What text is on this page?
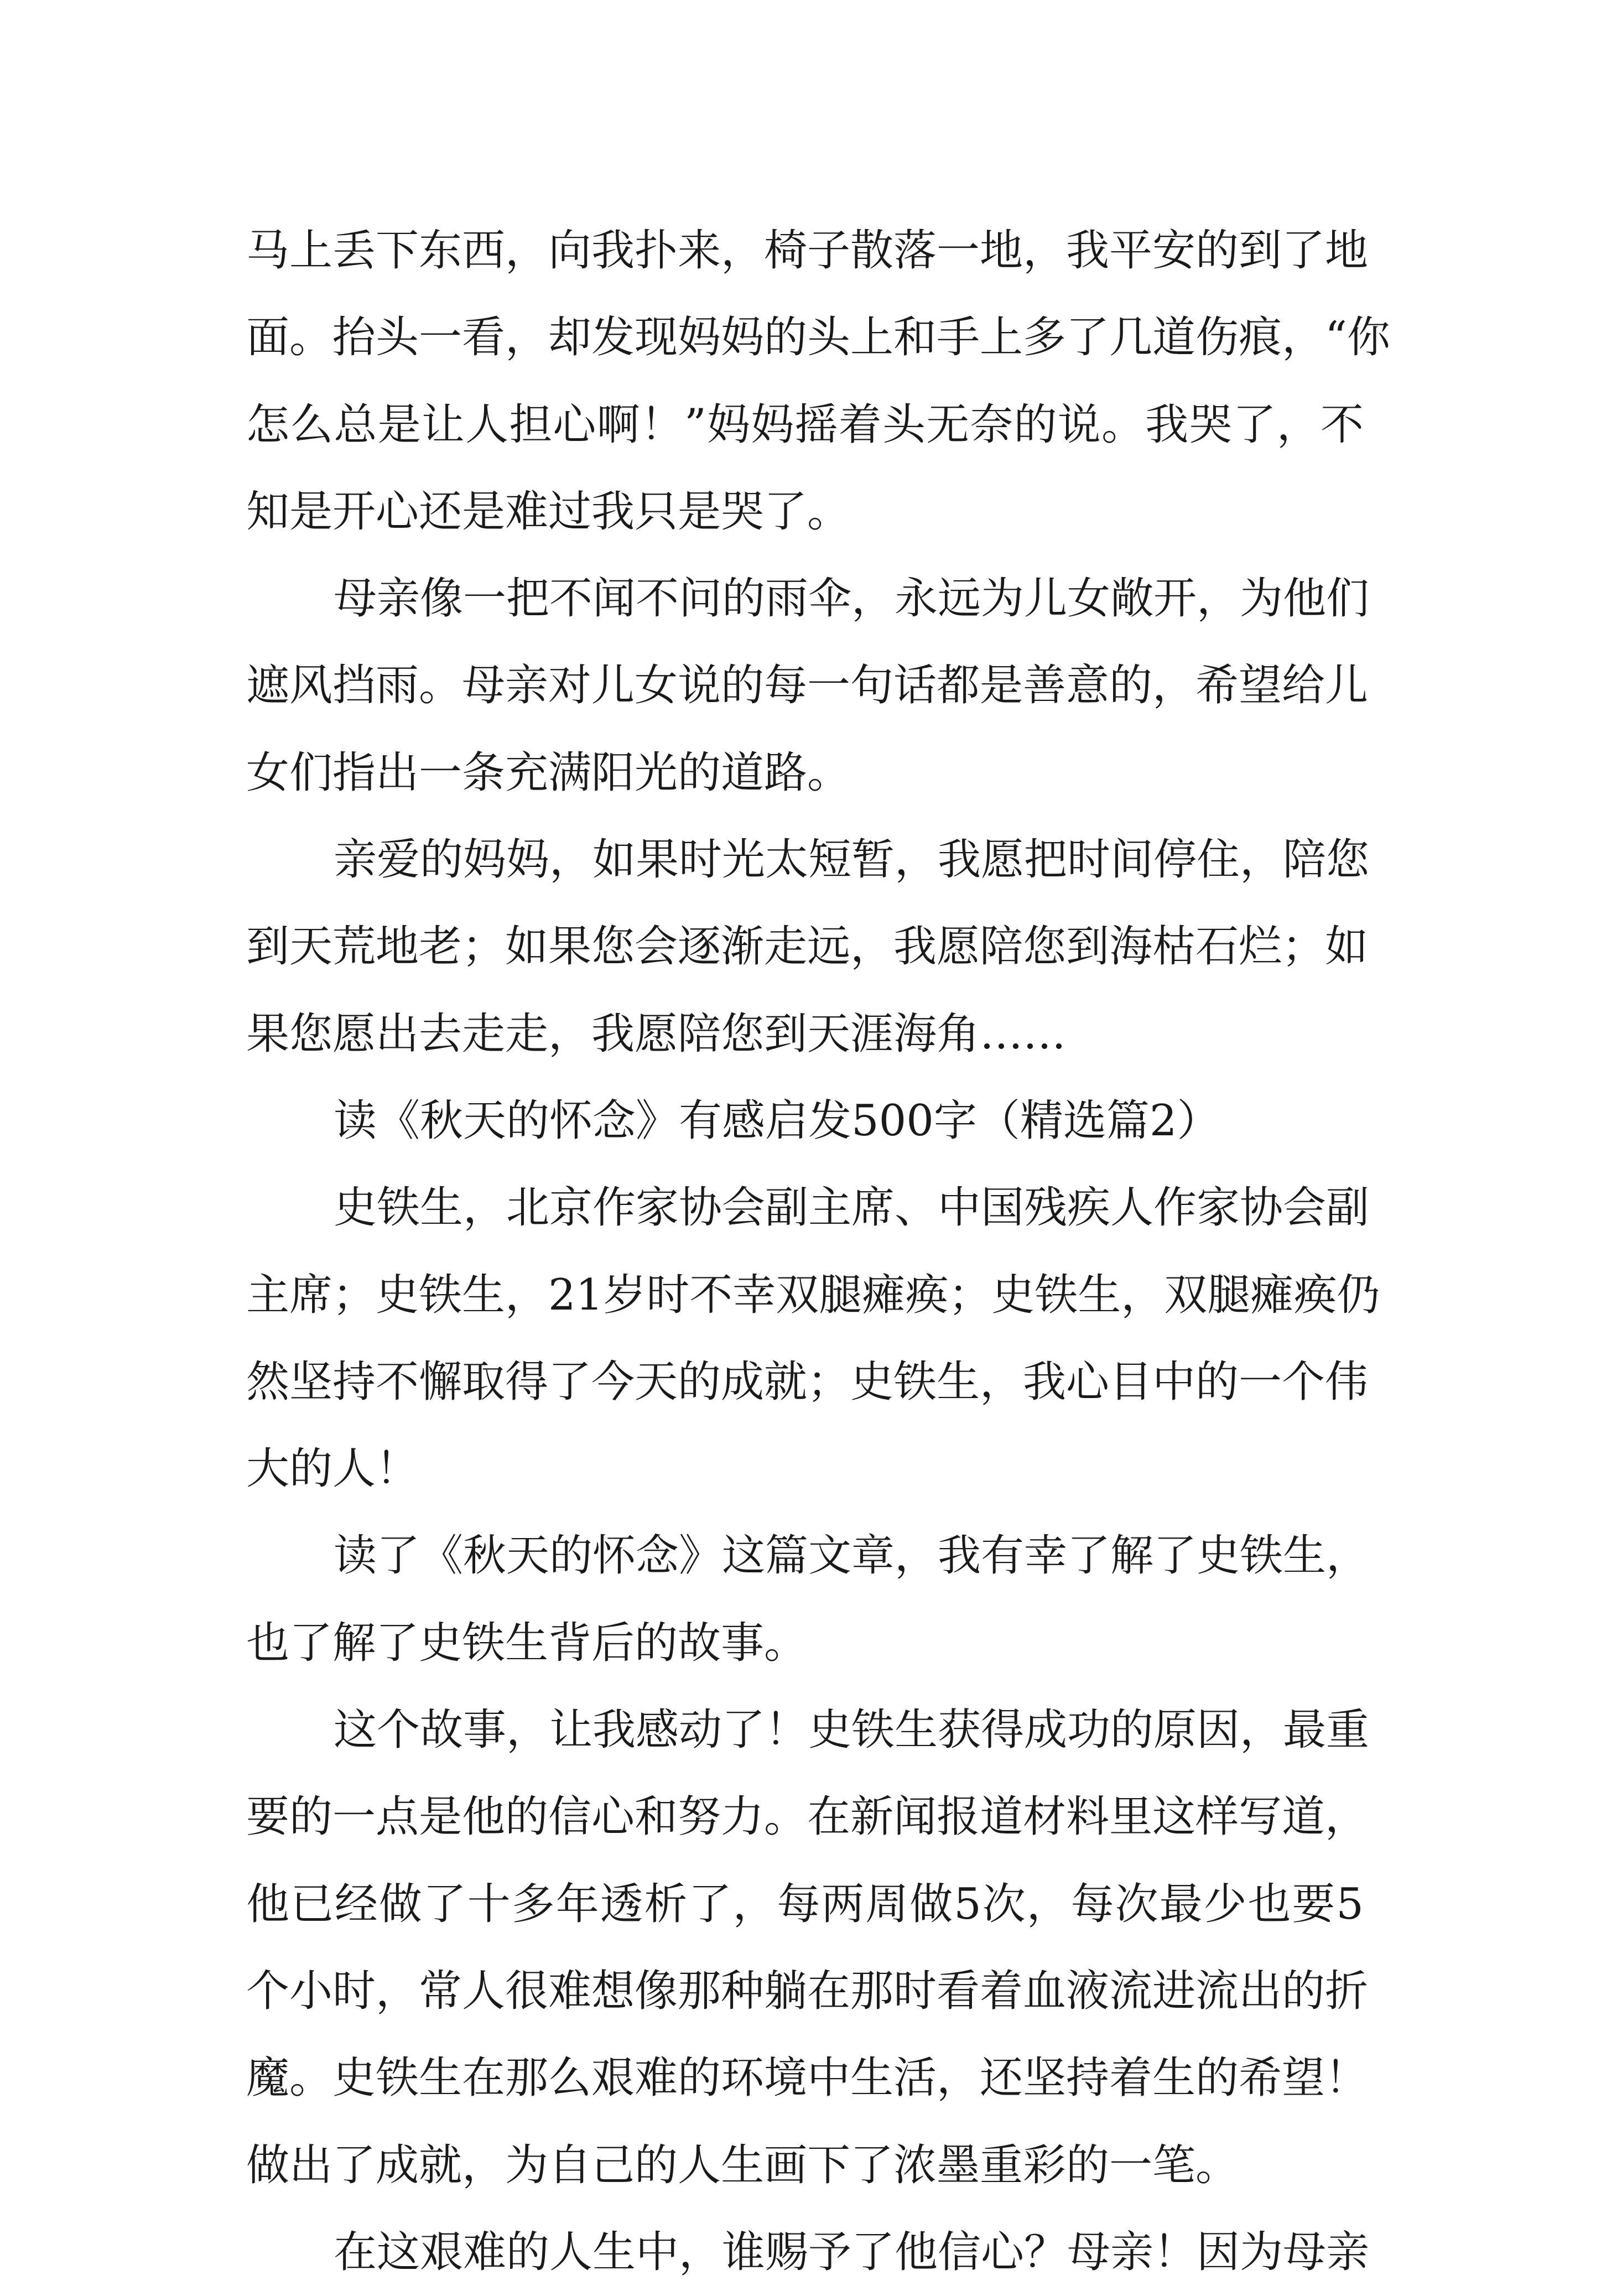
马上丢下东西，向我扑来，椅子散落一地，我平安的到了地
面。抬头一看，却发现妈妈的头上和手上多了几道伤痕，“你
怎么总是让人担心啊！”妈妈摇着头无奈的说。我哭了，不
知是开心还是难过我只是哭了。
母亲像一把不闻不问的雨伞，永远为儿女敞开，为他们
遮风挡雨。母亲对儿女说的每一句话都是善意的，希望给儿
女们指出一条充满阳光的道路。
亲爱的妈妈，如果时光太短暂，我愿把时间停住，陪您
到天荒地老；如果您会逐渐走远，我愿陪您到海枯石烂；如
果您愿出去走走，我愿陪您到天涯海角……
读《秋天的怀念》有感启发500字（精选篇2）
史铁生，北京作家协会副主席、中国残疾人作家协会副
主席；史铁生，21岁时不幸双腿瘫痪；史铁生，双腿瘫痪仍
然坚持不懈取得了今天的成就；史铁生，我心目中的一个伟
大的人！
读了《秋天的怀念》这篇文章，我有幸了解了史铁生，
也了解了史铁生背后的故事。
这个故事，让我感动了！史铁生获得成功的原因，最重
要的一点是他的信心和努力。在新闻报道材料里这样写道，
他已经做了十多年透析了，每两周做5次，每次最少也要5
个小时，常人很难想像那种躺在那时看着血液流进流出的折
魔。史铁生在那么艰难的环境中生活，还坚持着生的希望！
做出了成就，为自己的人生画下了浓墨重彩的一笔。
在这艰难的人生中，谁赐予了他信心？母亲！因为母亲
